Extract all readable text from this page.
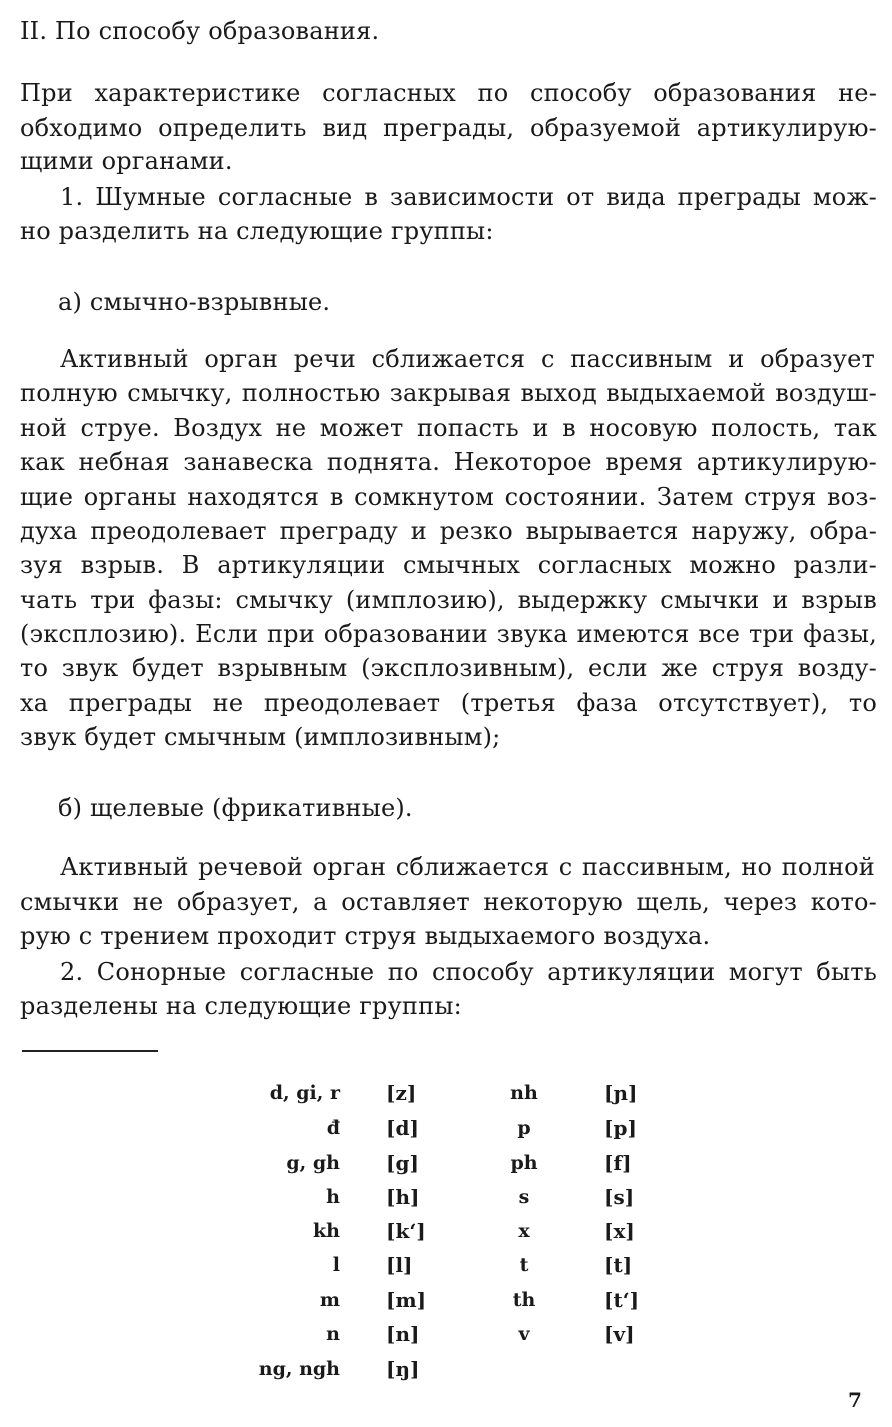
II. По способу образования.
При характеристике согласных по способу образования не-
обходимо определить вид преграды, образуемой артикулирую-
щими органами.
1. Шумные согласные в зависимости от вида преграды мож-
но разделить на следующие группы:
а) смычно-взрывные.
Активный орган речи сближается с пассивным и образует
полную смычку, полностью закрывая выход выдыхаемой воздуш-
ной струе. Воздух не может попасть и в носовую полость, так
как небная занавеска поднята. Некоторое время артикулирую-
щие органы находятся в сомкнутом состоянии. Затем струя воз-
духа преодолевает преграду и резко вырывается наружу, обра-
зуя взрыв. В артикуляции смычных согласных можно разли-
чать три фазы: смычку (имплозию), выдержку смычки и взрыв
(эксплозию). Если при образовании звука имеются все три фазы,
то звук будет взрывным (эксплозивным), если же струя возду-
ха преграды не преодолевает (третья фаза отсутствует), то
звук будет смычным (имплозивным);
б) щелевые (фрикативные).
Активный речевой орган сближается с пассивным, но полной
смычки не образует, а оставляет некоторую щель, через кото-
рую с трением проходит струя выдыхаемого воздуха.
2. Сонорные согласные по способу артикуляции могут быть
разделены на следующие группы:
d, gi, r [z]	nh	[ɲ]
đ [d]	p	[p]
g, gh [g]	ph	[f]
h [h]	s	[s]
kh [k‘]	x	[x]
l [l]	t	[t]
m [m]	th	[t‘]
n [n]	v	[v]
ng, ngh [ŋ]
7
